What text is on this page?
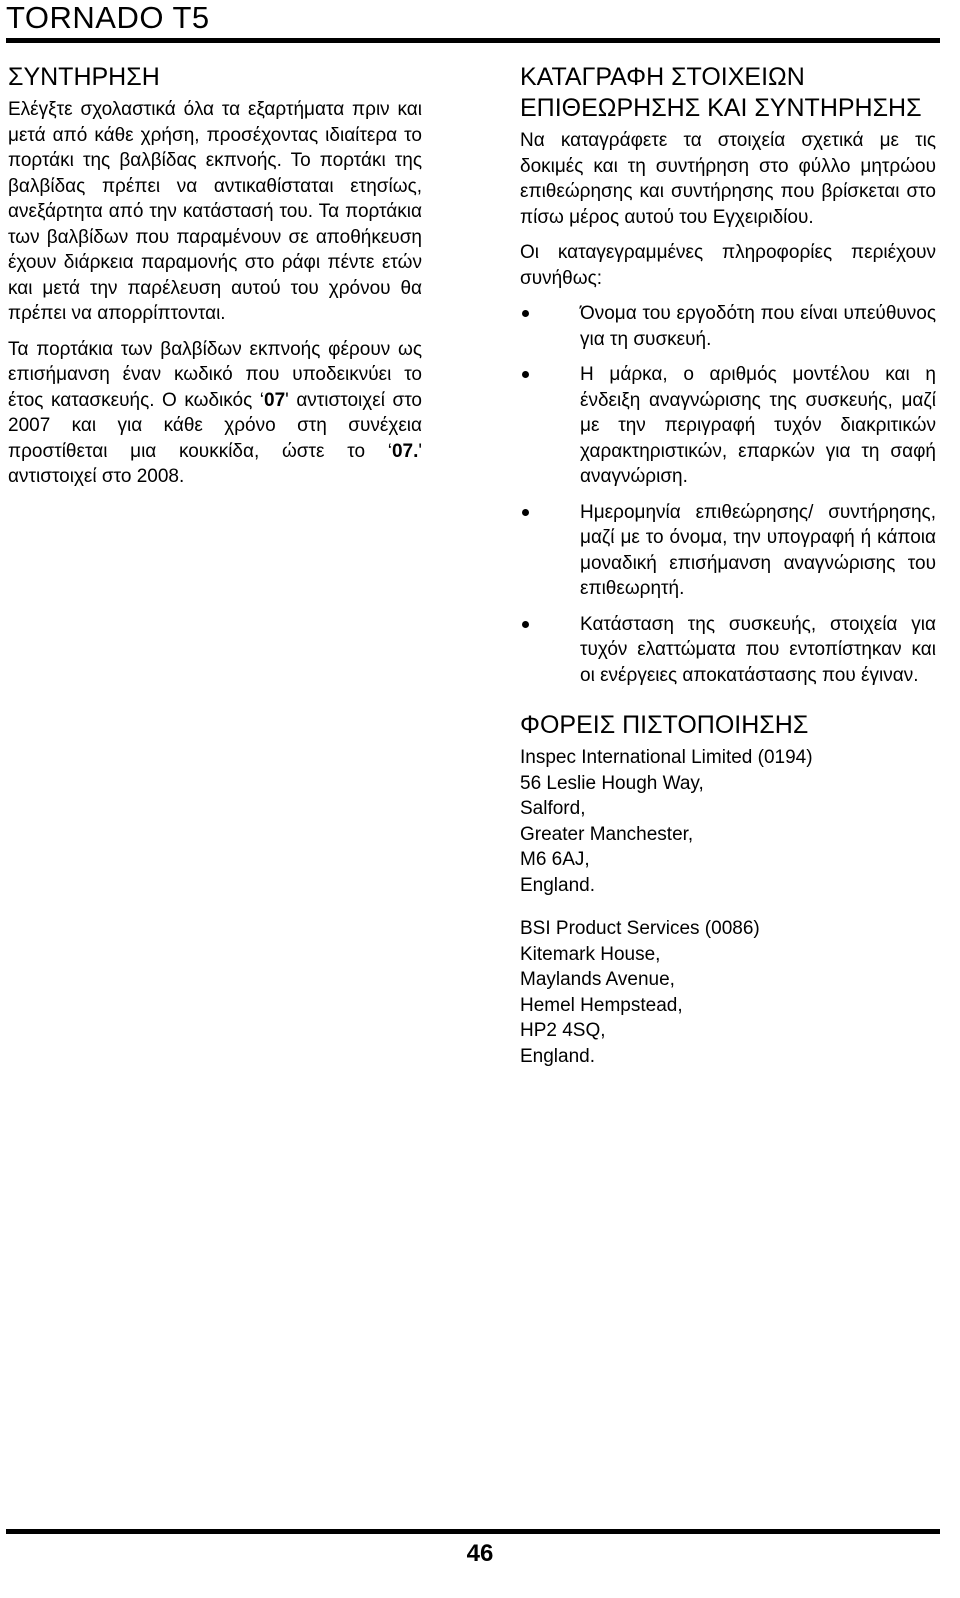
TORNADO T5
ΣΥΝΤΗΡΗΣΗ

Ελέγξτε σχολαστικά όλα τα εξαρτήματα πριν και μετά από κάθε χρήση, προσέχοντας ιδιαίτερα το πορτάκι της βαλβίδας εκπνοής. Το πορτάκι της βαλβίδας πρέπει να αντικαθίσταται ετησίως, ανεξάρτητα από την κατάστασή του. Τα πορτάκια των βαλβίδων που παραμένουν σε αποθήκευση έχουν διάρκεια παραμονής στο ράφι πέντε ετών και μετά την παρέλευση αυτού του χρόνου θα πρέπει να απορρίπτονται.

Τα πορτάκια των βαλβίδων εκπνοής φέρουν ως επισήμανση έναν κωδικό που υποδεικνύει το έτος κατασκευής. Ο κωδικός ‘07' αντιστοιχεί στο 2007 και για κάθε χρόνο στη συνέχεια προστίθεται μια κουκκίδα, ώστε το ‘07.' αντιστοιχεί στο 2008.

ΚΑΤΑΓΡΑΦΗ ΣΤΟΙΧΕΙΩΝ ΕΠΙΘΕΩΡΗΣΗΣ ΚΑΙ ΣΥΝΤΗΡΗΣΗΣ

Να καταγράφετε τα στοιχεία σχετικά με τις δοκιμές και τη συντήρηση στο φύλλο μητρώου επιθεώρησης και συντήρησης που βρίσκεται στο πίσω μέρος αυτού του Εγχειριδίου.

Οι καταγεγραμμένες πληροφορίες περιέχουν συνήθως:

Όνομα του εργοδότη που είναι υπεύθυνος για τη συσκευή.
Η μάρκα, ο αριθμός μοντέλου και η ένδειξη αναγνώρισης της συσκευής, μαζί με την περιγραφή τυχόν διακριτικών χαρακτηριστικών, επαρκών για τη σαφή αναγνώριση.
Ημερομηνία επιθεώρησης/ συντήρησης, μαζί με το όνομα, την υπογραφή ή κάποια μοναδική επισήμανση αναγνώρισης του επιθεωρητή.
Κατάσταση της συσκευής, στοιχεία για τυχόν ελαττώματα που εντοπίστηκαν και οι ενέργειες αποκατάστασης που έγιναν.
ΦΟΡΕΙΣ ΠΙΣΤΟΠΟΙΗΣΗΣ
Inspec International Limited (0194)
56 Leslie Hough Way,
Salford,
Greater Manchester,
M6 6AJ,
England.
BSI Product Services (0086)
Kitemark House,
Maylands Avenue,
Hemel Hempstead,
HP2 4SQ,
England.
46
